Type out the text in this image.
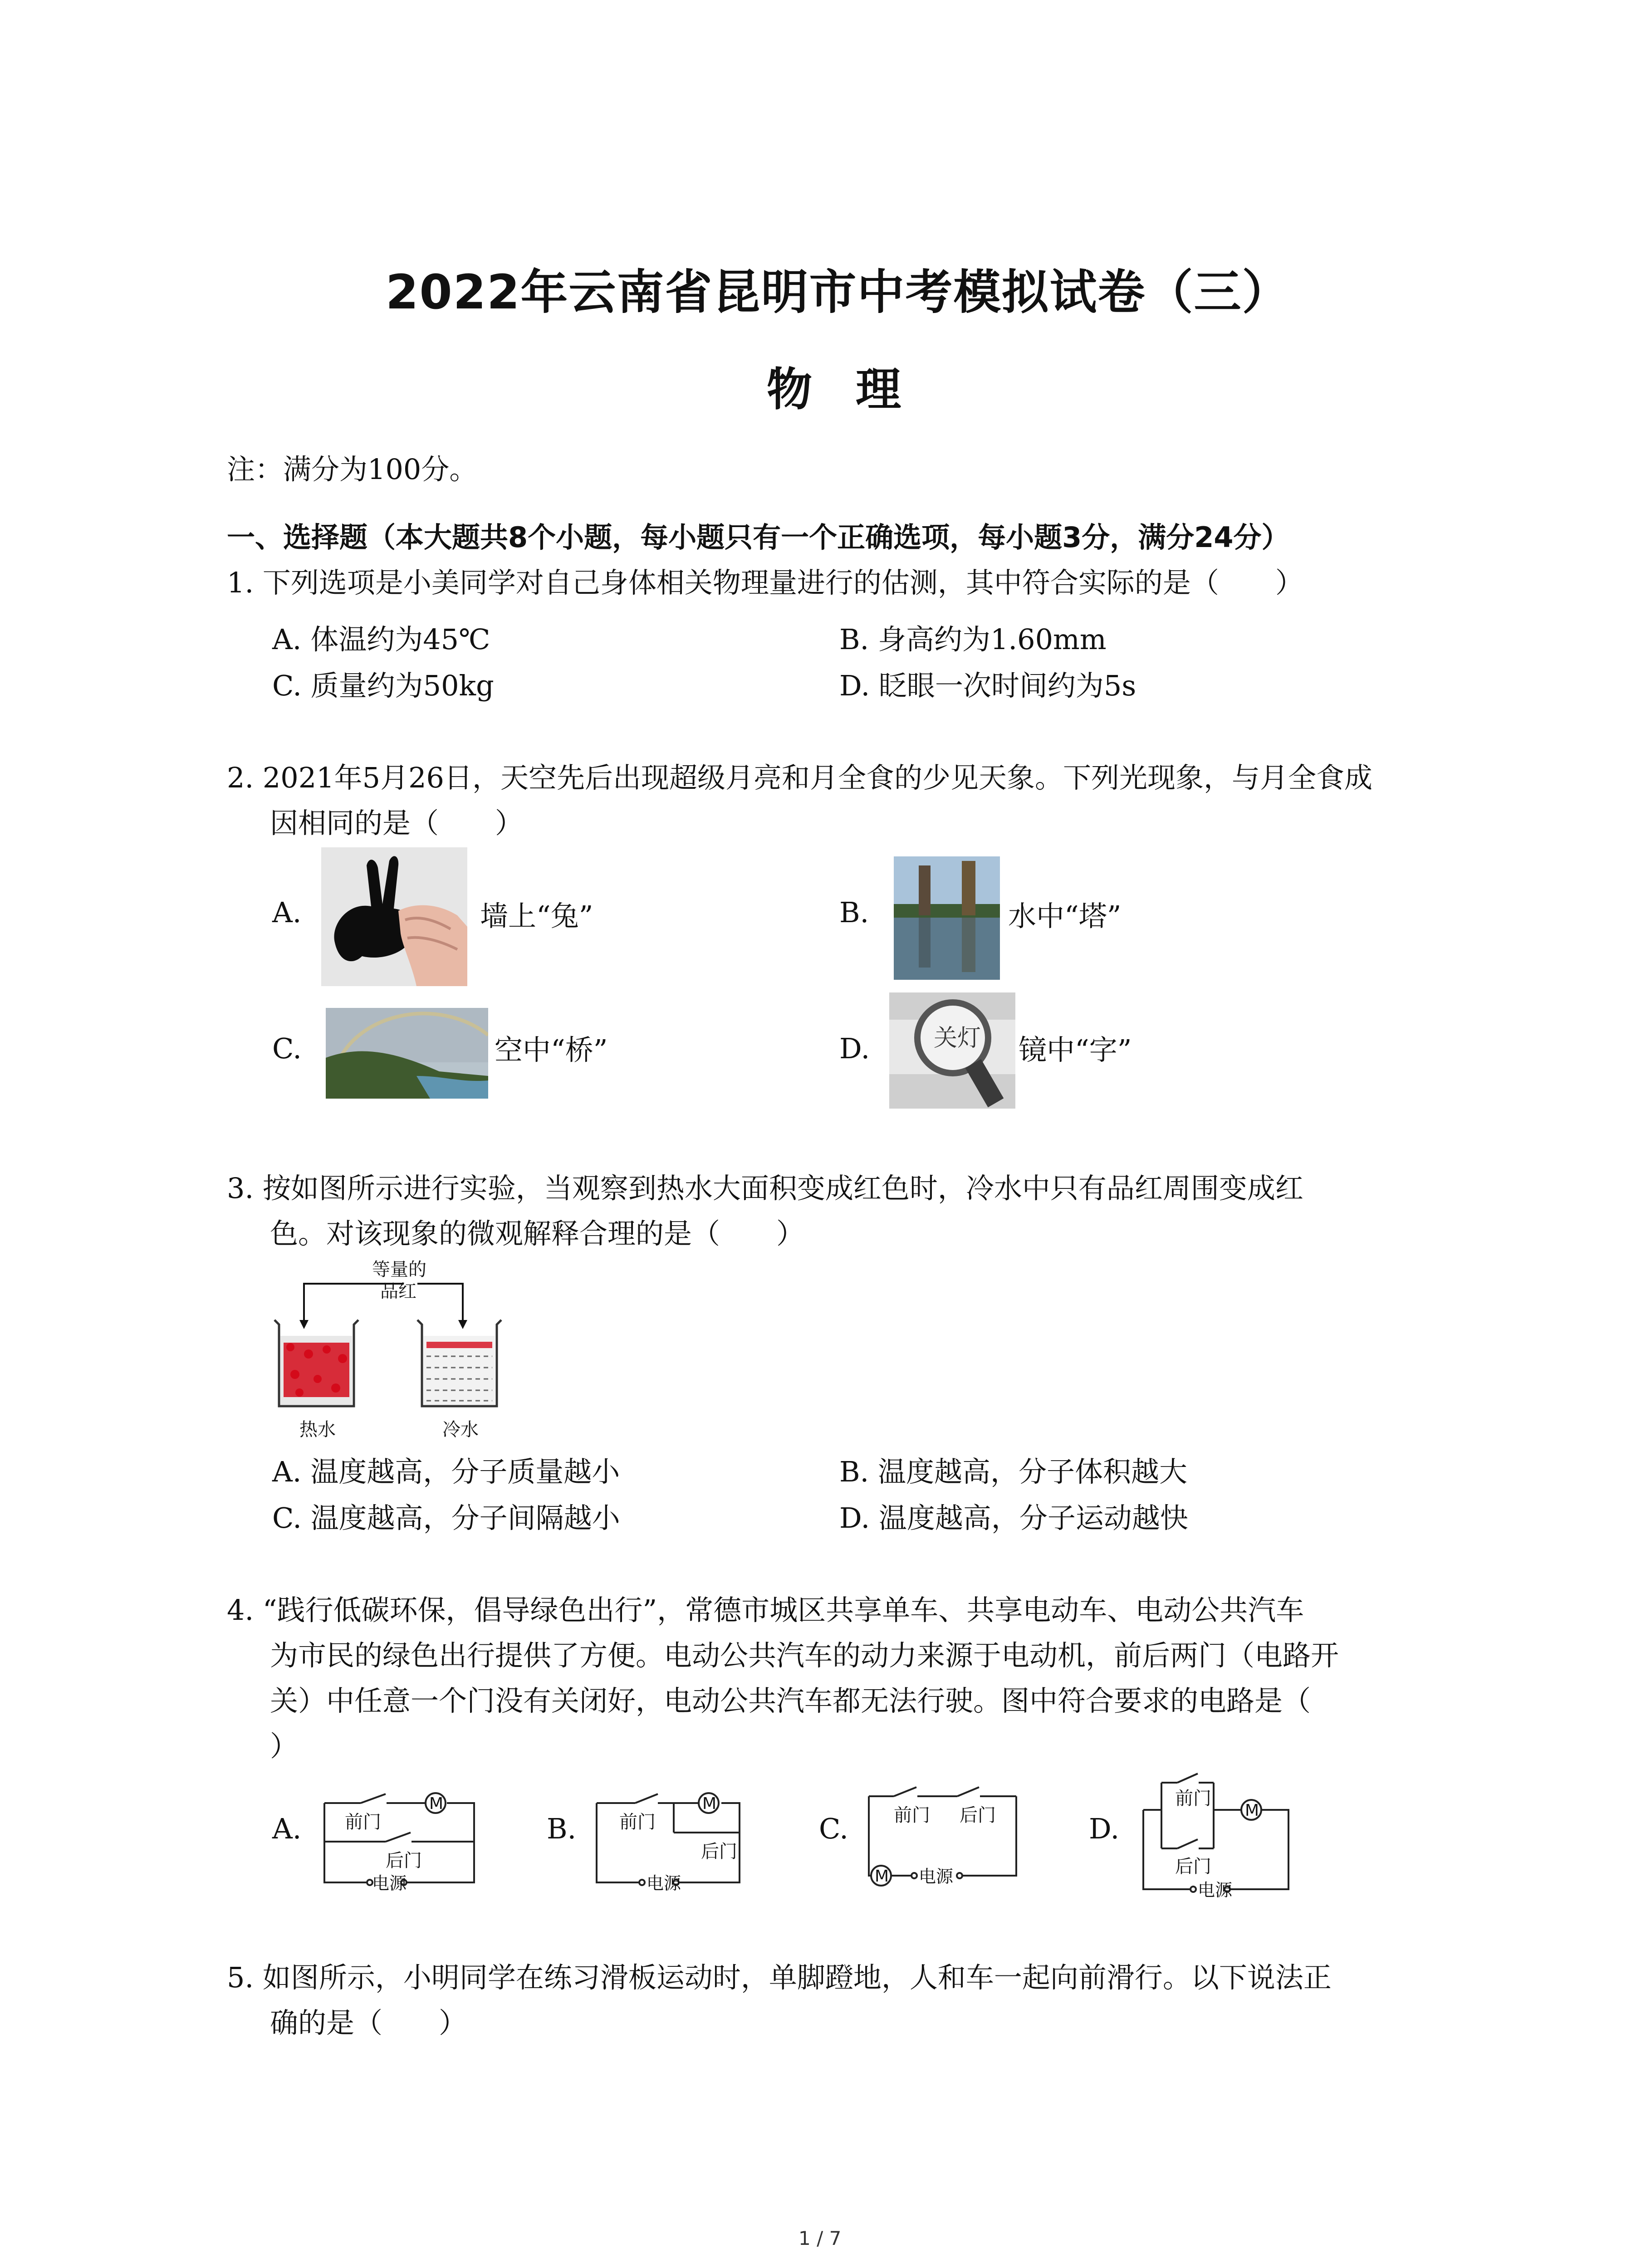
2022年云南省昆明市中考模拟试卷（三）
物理
注：满分为100分。
一、选择题（本大题共8个小题，每小题只有一个正确选项，每小题3分，满分24分）
1. 下列选项是小美同学对自己身体相关物理量进行的估测，其中符合实际的是（　　）
A. 体温约为45℃	B. 身高约为1.60mm
C. 质量约为50kg	D. 眨眼一次时间约为5s
2. 2021年5月26日，天空先后出现超级月亮和月全食的少见天象。下列光现象，与月全食成
因相同的是（　　）
A.	墙上“兔”	B.	水中“塔”
C.	空中“桥”	D.	关灯 镜中“字”
3. 按如图所示进行实验，当观察到热水大面积变成红色时，冷水中只有品红周围变成红
色。对该现象的微观解释合理的是（　　）
等量的
品红
热水	冷水
A. 温度越高，分子质量越小	B. 温度越高，分子体积越大
C. 温度越高，分子间隔越小	D. 温度越高，分子运动越快
4. “践行低碳环保，倡导绿色出行”，常德市城区共享单车、共享电动车、电动公共汽车
为市民的绿色出行提供了方便。电动公共汽车的动力来源于电动机，前后两门（电路开
关）中任意一个门没有关闭好，电动公共汽车都无法行驶。图中符合要求的电路是（
）
A.
M
前门
后门
电源
B.
M
前门
后门
电源
C.
M
前门 后门
电源
D.
M
前门
后门
电源
5. 如图所示，小明同学在练习滑板运动时，单脚蹬地，人和车一起向前滑行。以下说法正
确的是（　　）
1 / 7
